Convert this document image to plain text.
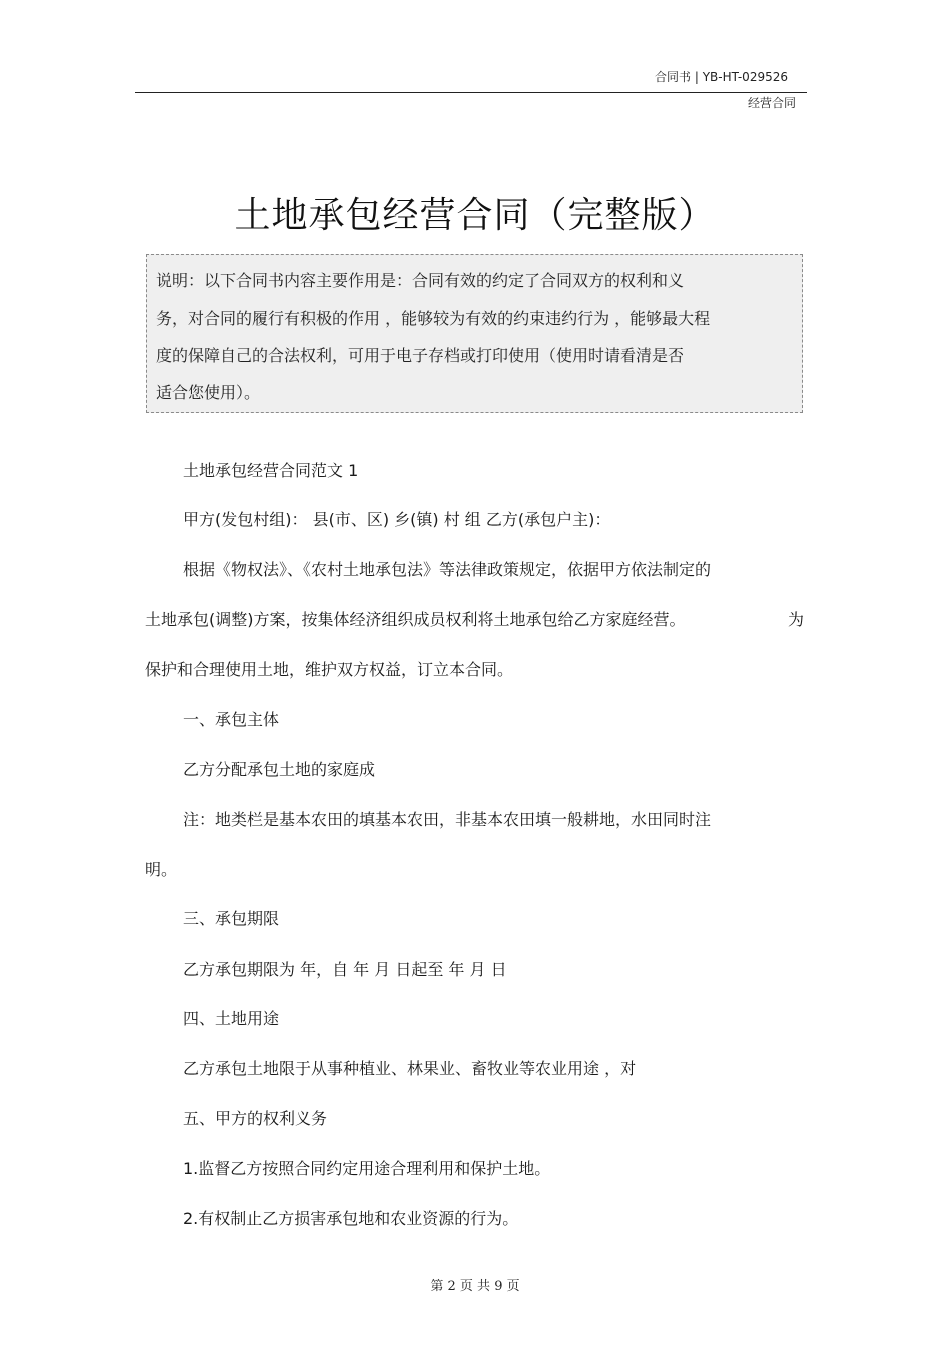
合同书 | YB-HT-029526
经营合同
土地承包经营合同（完整版）
说明：以下合同书内容主要作用是：合同有效的约定了合同双方的权利和义
务，对合同的履行有积极的作用 ，能够较为有效的约束违约行为 ，能够最大程
度的保障自己的合法权利，可用于电子存档或打印使用（使用时请看清是否
适合您使用）。
土地承包经营合同范文 1
甲方(发包村组)： 县(市、区) 乡(镇) 村 组 乙方(承包户主)：
根据《物权法》、《农村土地承包法》等法律政策规定，依据甲方依法制定的
土地承包(调整)方案，按集体经济组织成员权利将土地承包给乙方家庭经营。	为
保护和合理使用土地，维护双方权益，订立本合同。
一、承包主体
乙方分配承包土地的家庭成
注：地类栏是基本农田的填基本农田，非基本农田填一般耕地，水田同时注
明。
三、承包期限
乙方承包期限为 年，自 年 月 日起至 年 月 日
四、土地用途
乙方承包土地限于从事种植业、林果业、畜牧业等农业用途 ，对
五、甲方的权利义务
1.监督乙方按照合同约定用途合理利用和保护土地。
2.有权制止乙方损害承包地和农业资源的行为。
第 2 页 共 9 页
